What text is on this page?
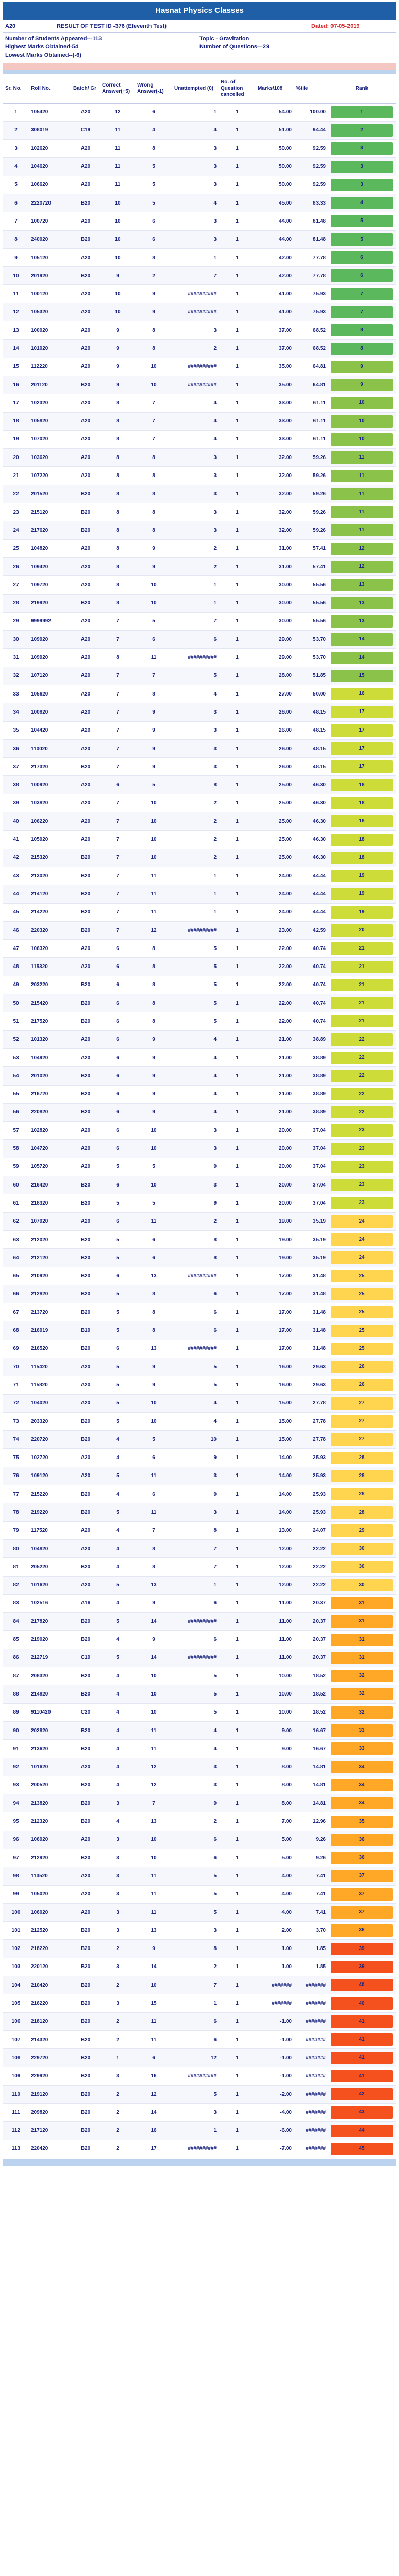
Hasnat Physics Classes
A20	RESULT OF TEST ID -376 (Eleventh Test)	Dated: 07-05-2019
Number of Students Appeared---113	Topic - Gravitation
Highest Marks Obtained-54	Number of Questions---29
Lowest Marks Obtained--(-6)
Sr. No.	Roll No.	Batch/ Gr	Correct Answer(+5)	Wrong Answer(-1)	Unattempted (0)	No. of Question cancelled	Marks/108	%tile	Rank
1	105420	A20	12	6	1	1	54.00	100.00	1

2	308019	C19	11	4	4	1	51.00	94.44	2

3	102620	A20	11	8	3	1	50.00	92.59	3

4	104620	A20	11	5	3	1	50.00	92.59	3

5	106620	A20	11	5	3	1	50.00	92.59	3

6	2220720	B20	10	5	4	1	45.00	83.33	4

7	100720	A20	10	6	3	1	44.00	81.48	5

8	240020	B20	10	6	3	1	44.00	81.48	5

9	105120	A20	10	8	1	1	42.00	77.78	6

10	201920	B20	9	2	7	1	42.00	77.78	6

11	100120	A20	10	9	##########	1	41.00	75.93	7

12	105320	A20	10	9	##########	1	41.00	75.93	7

13	100020	A20	9	8	3	1	37.00	68.52	8

14	101020	A20	9	8	2	1	37.00	68.52	8

15	112220	A20	9	10	##########	1	35.00	64.81	9

16	201120	B20	9	10	##########	1	35.00	64.81	9

17	102320	A20	8	7	4	1	33.00	61.11	10

18	105820	A20	8	7	4	1	33.00	61.11	10

19	107020	A20	8	7	4	1	33.00	61.11	10

20	103620	A20	8	8	3	1	32.00	59.26	11

21	107220	A20	8	8	3	1	32.00	59.26	11

22	201520	B20	8	8	3	1	32.00	59.26	11

23	215120	B20	8	8	3	1	32.00	59.26	11

24	217620	B20	8	8	3	1	32.00	59.26	11

25	104820	A20	8	9	2	1	31.00	57.41	12

26	109420	A20	8	9	2	1	31.00	57.41	12

27	109720	A20	8	10	1	1	30.00	55.56	13

28	219920	B20	8	10	1	1	30.00	55.56	13

29	9999992	A20	7	5	7	1	30.00	55.56	13

30	109920	A20	7	6	6	1	29.00	53.70	14

31	109920	A20	8	11	##########	1	29.00	53.70	14

32	107120	A20	7	7	5	1	28.00	51.85	15

33	105620	A20	7	8	4	1	27.00	50.00	16

34	100820	A20	7	9	3	1	26.00	48.15	17

35	104420	A20	7	9	3	1	26.00	48.15	17

36	110020	A20	7	9	3	1	26.00	48.15	17

37	217320	B20	7	9	3	1	26.00	48.15	17

38	100920	A20	6	5	8	1	25.00	46.30	18

39	103820	A20	7	10	2	1	25.00	46.30	18

40	106220	A20	7	10	2	1	25.00	46.30	18

41	105920	A20	7	10	2	1	25.00	46.30	18

42	215320	B20	7	10	2	1	25.00	46.30	18

43	213020	B20	7	11	1	1	24.00	44.44	19

44	214120	B20	7	11	1	1	24.00	44.44	19

45	214220	B20	7	11	1	1	24.00	44.44	19

46	220320	B20	7	12	##########	1	23.00	42.59	20

47	106320	A20	6	8	5	1	22.00	40.74	21

48	115320	A20	6	8	5	1	22.00	40.74	21

49	203220	B20	6	8	5	1	22.00	40.74	21

50	215420	B20	6	8	5	1	22.00	40.74	21

51	217520	B20	6	8	5	1	22.00	40.74	21

52	101320	A20	6	9	4	1	21.00	38.89	22

53	104920	A20	6	9	4	1	21.00	38.89	22

54	201020	B20	6	9	4	1	21.00	38.89	22

55	216720	B20	6	9	4	1	21.00	38.89	22

56	220820	B20	6	9	4	1	21.00	38.89	22

57	102820	A20	6	10	3	1	20.00	37.04	23

58	104720	A20	6	10	3	1	20.00	37.04	23

59	105720	A20	5	5	9	1	20.00	37.04	23

60	216420	B20	6	10	3	1	20.00	37.04	23

61	218320	B20	5	5	9	1	20.00	37.04	23

62	107920	A20	6	11	2	1	19.00	35.19	24

63	212020	B20	5	6	8	1	19.00	35.19	24

64	212120	B20	5	6	8	1	19.00	35.19	24

65	210920	B20	6	13	##########	1	17.00	31.48	25

66	212820	B20	5	8	6	1	17.00	31.48	25

67	213720	B20	5	8	6	1	17.00	31.48	25

68	216919	B19	5	8	6	1	17.00	31.48	25

69	216520	B20	6	13	##########	1	17.00	31.48	25

70	115420	A20	5	9	5	1	16.00	29.63	26

71	115820	A20	5	9	5	1	16.00	29.63	26

72	104020	A20	5	10	4	1	15.00	27.78	27

73	203320	B20	5	10	4	1	15.00	27.78	27

74	220720	B20	4	5	10	1	15.00	27.78	27

75	102720	A20	4	6	9	1	14.00	25.93	28

76	109120	A20	5	11	3	1	14.00	25.93	28

77	215220	B20	4	6	9	1	14.00	25.93	28

78	219220	B20	5	11	3	1	14.00	25.93	28

79	117520	A20	4	7	8	1	13.00	24.07	29

80	104820	A20	4	8	7	1	12.00	22.22	30

81	205220	B20	4	8	7	1	12.00	22.22	30

82	101620	A20	5	13	1	1	12.00	22.22	30

83	102516	A16	4	9	6	1	11.00	20.37	31

84	217820	B20	5	14	##########	1	11.00	20.37	31

85	219020	B20	4	9	6	1	11.00	20.37	31

86	212719	C19	5	14	##########	1	11.00	20.37	31

87	208320	B20	4	10	5	1	10.00	18.52	32

88	214820	B20	4	10	5	1	10.00	18.52	32

89	9110420	C20	4	10	5	1	10.00	18.52	32

90	202820	B20	4	11	4	1	9.00	16.67	33

91	213620	B20	4	11	4	1	9.00	16.67	33

92	101620	A20	4	12	3	1	8.00	14.81	34

93	200520	B20	4	12	3	1	8.00	14.81	34

94	213820	B20	3	7	9	1	8.00	14.81	34

95	212320	B20	4	13	2	1	7.00	12.96	35

96	106920	A20	3	10	6	1	5.00	9.26	36

97	212920	B20	3	10	6	1	5.00	9.26	36

98	113520	A20	3	11	5	1	4.00	7.41	37

99	105020	A20	3	11	5	1	4.00	7.41	37

100	106020	A20	3	11	5	1	4.00	7.41	37

101	212520	B20	3	13	3	1	2.00	3.70	38

102	218220	B20	2	9	8	1	1.00	1.85	39

103	220120	B20	3	14	2	1	1.00	1.85	39

104	210420	B20	2	10	7	1	#######	#######	40

105	216220	B20	3	15	1	1	#######	#######	40

106	218120	B20	2	11	6	1	-1.00	#######	41

107	214320	B20	2	11	6	1	-1.00	#######	41

108	229720	B20	1	6	12	1	-1.00	#######	41

109	229920	B20	3	16	##########	1	-1.00	#######	41

110	219120	B20	2	12	5	1	-2.00	#######	42

111	209820	B20	2	14	3	1	-4.00	#######	43

112	217120	B20	2	16	1	1	-6.00	#######	44

113	220420	B20	2	17	##########	1	-7.00	#######	45
